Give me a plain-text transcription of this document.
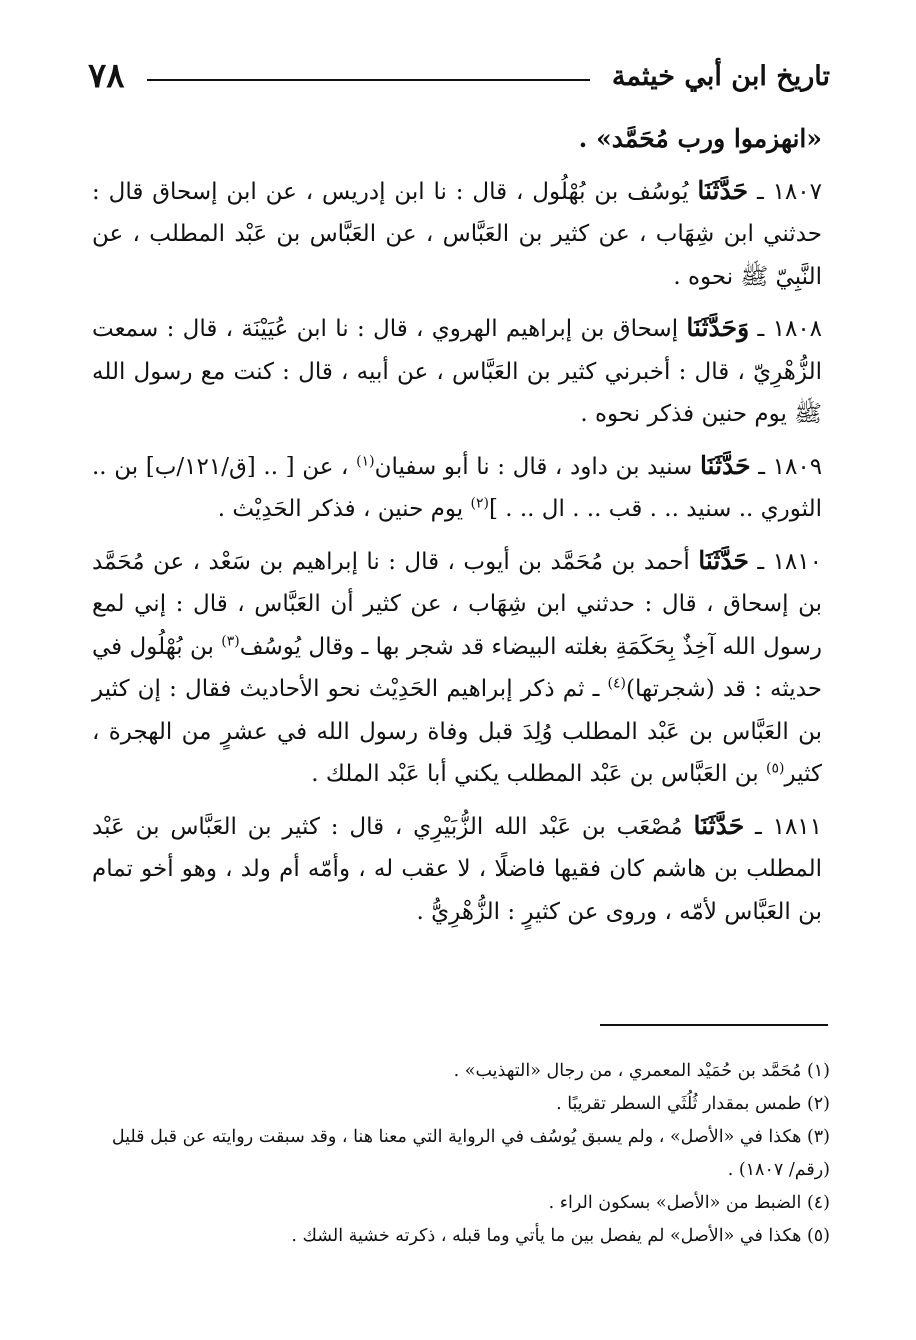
٧٨	تاريخ ابن أبي خيثمة

«انهزموا ورب مُحَمَّد» .

١٨٠٧ ـ حَدَّثَنَا يُوسُف بن بُهْلُول ، قال : نا ابن إدريس ، عن ابن إسحاق قال : حدثني ابن شِهَاب ، عن كثير بن العَبَّاس ، عن العَبَّاس بن عَبْد المطلب ، عن النَّبِيّ ﷺ نحوه .

١٨٠٨ ـ وَحَدَّثَنَا إسحاق بن إبراهيم الهروي ، قال : نا ابن عُيَيْنَة ، قال : سمعت الزُّهْرِيّ ، قال : أخبرني كثير بن العَبَّاس ، عن أبيه ، قال : كنت مع رسول الله ﷺ يوم حنين فذكر نحوه .

١٨٠٩ ـ حَدَّثَنَا سنيد بن داود ، قال : نا أبو سفيان$^{(١)}$ ، عن [ .. [ق/١٢١/ب] بن .. الثوري .. سنيد .. . قب .. . ال .. . ]$^{(٢)}$ يوم حنين ، فذكر الحَدِيْث .

١٨١٠ ـ حَدَّثَنَا أحمد بن مُحَمَّد بن أيوب ، قال : نا إبراهيم بن سَعْد ، عن مُحَمَّد بن إسحاق ، قال : حدثني ابن شِهَاب ، عن كثير أن العَبَّاس ، قال : إني لمع رسول الله آخِذٌ بِحَكَمَةِ بغلته البيضاء قد شجر بها ـ وقال يُوسُف$^{(٣)}$ بن بُهْلُول في حديثه : قد (شجرتها)$^{(٤)}$ ـ ثم ذكر إبراهيم الحَدِيْث نحو الأحاديث فقال : إن كثير بن العَبَّاس بن عَبْد المطلب وُلِدَ قبل وفاة رسول الله في عشرٍ من الهجرة ، كثير$^{(٥)}$ بن العَبَّاس بن عَبْد المطلب يكني أبا عَبْد الملك .

١٨١١ ـ حَدَّثَنَا مُصْعَب بن عَبْد الله الزُّبَيْرِي ، قال : كثير بن العَبَّاس بن عَبْد المطلب بن هاشم كان فقيها فاضلًا ، لا عقب له ، وأمّه أم ولد ، وهو أخو تمام بن العَبَّاس لأمّه ، وروى عن كثيرٍ : الزُّهْرِيُّ .

(١) مُحَمَّد بن حُمَيْد المعمري ، من رجال «التهذيب» .

(٢) طمس بمقدار ثُلُثَي السطر تقريبًا .

(٣) هكذا في «الأصل» ، ولم يسبق يُوسُف في الرواية التي معنا هنا ، وقد سبقت روايته عن قبل قليل (رقم/ ١٨٠٧) .

(٤) الضبط من «الأصل» بسكون الراء .

(٥) هكذا في «الأصل» لم يفصل بين ما يأتي وما قبله ، ذكرته خشية الشك .
